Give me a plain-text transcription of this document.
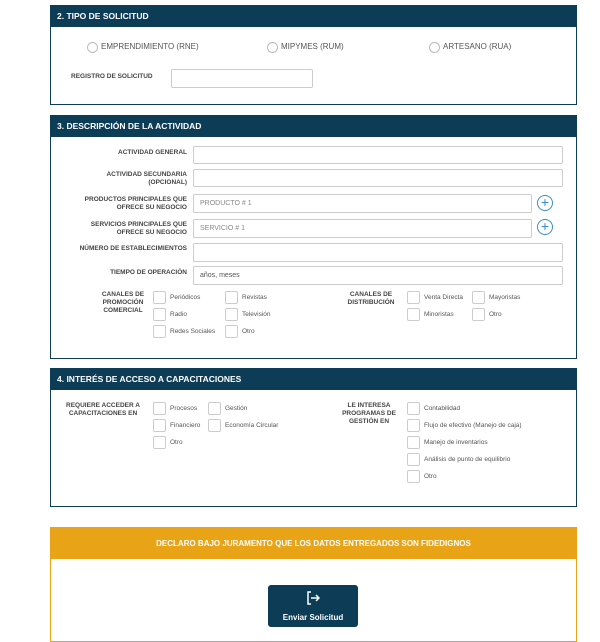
2. TIPO DE SOLICITUD
EMPRENDIMIENTO (RNE)	MIPYMES (RUM)	ARTESANO (RUA)
REGISTRO DE SOLICITUD
3. DESCRIPCIÓN DE LA ACTIVIDAD
ACTIVIDAD GENERAL
ACTIVIDAD SECUNDARIA (OPCIONAL)
PRODUCTOS PRINCIPALES QUE OFRECE SU NEGOCIO
PRODUCTO # 1	+
SERVICIOS PRINCIPALES QUE OFRECE SU NEGOCIO
SERVICIO # 1	+
NÚMERO DE ESTABLECIMIENTOS
TIEMPO DE OPERACIÓN	años, meses
CANALES DE PROMOCIÓN COMERCIAL
Periódicos	Revistas
Radio	Televisión
Redes Sociales	Otro
CANALES DE DISTRIBUCIÓN
Venta Directa	Mayoristas
Minoristas	Otro
4. INTERÉS DE ACCESO A CAPACITACIONES
REQUIERE ACCEDER A CAPACITACIONES EN
Procesos	Gestión
Financiero	Economía Circular
Otro
LE INTERESA PROGRAMAS DE GESTIÓN EN
Contabilidad
Flujo de efectivo (Manejo de caja)
Manejo de inventarios
Análisis de punto de equilibrio
Otro
DECLARO BAJO JURAMENTO QUE LOS DATOS ENTREGADOS SON FIDEDIGNOS
Enviar Solicitud
